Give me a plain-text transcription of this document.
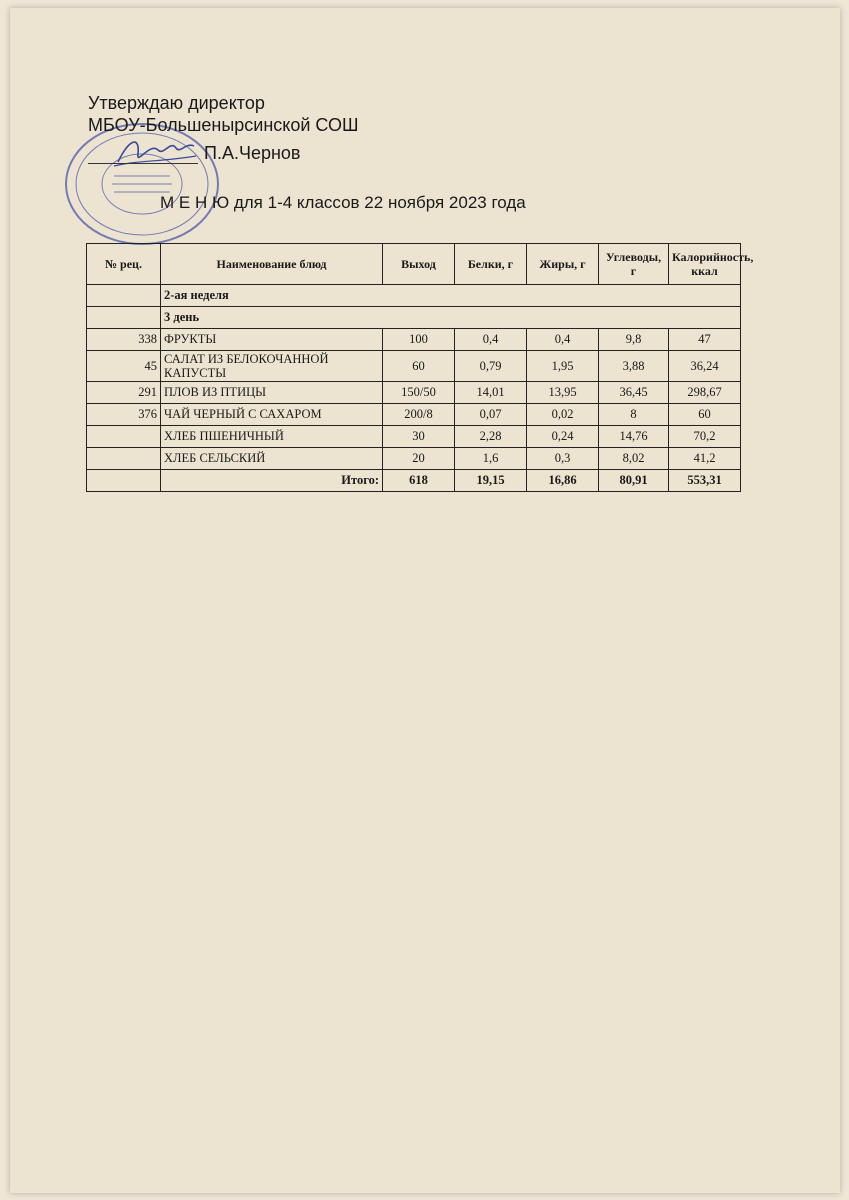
Утверждаю директор
МБОУ-Большенырсинской СОШ
П.А.Чернов
М Е Н Ю для 1-4 классов 22 ноября 2023 года
№ рец.	Наименование блюд	Выход	Белки, г	Жиры, г	Углеводы, г	Калорийность, ккал
	2-ая неделя					
	3 день					
338	ФРУКТЫ	100	0,4	0,4	9,8	47
45	САЛАТ ИЗ БЕЛОКОЧАННОЙ КАПУСТЫ	60	0,79	1,95	3,88	36,24
291	ПЛОВ ИЗ ПТИЦЫ	150/50	14,01	13,95	36,45	298,67
376	ЧАЙ ЧЕРНЫЙ С САХАРОМ	200/8	0,07	0,02	8	60
	ХЛЕБ ПШЕНИЧНЫЙ	30	2,28	0,24	14,76	70,2
	ХЛЕБ СЕЛЬСКИЙ	20	1,6	0,3	8,02	41,2
	Итого:	618	19,15	16,86	80,91	553,31
